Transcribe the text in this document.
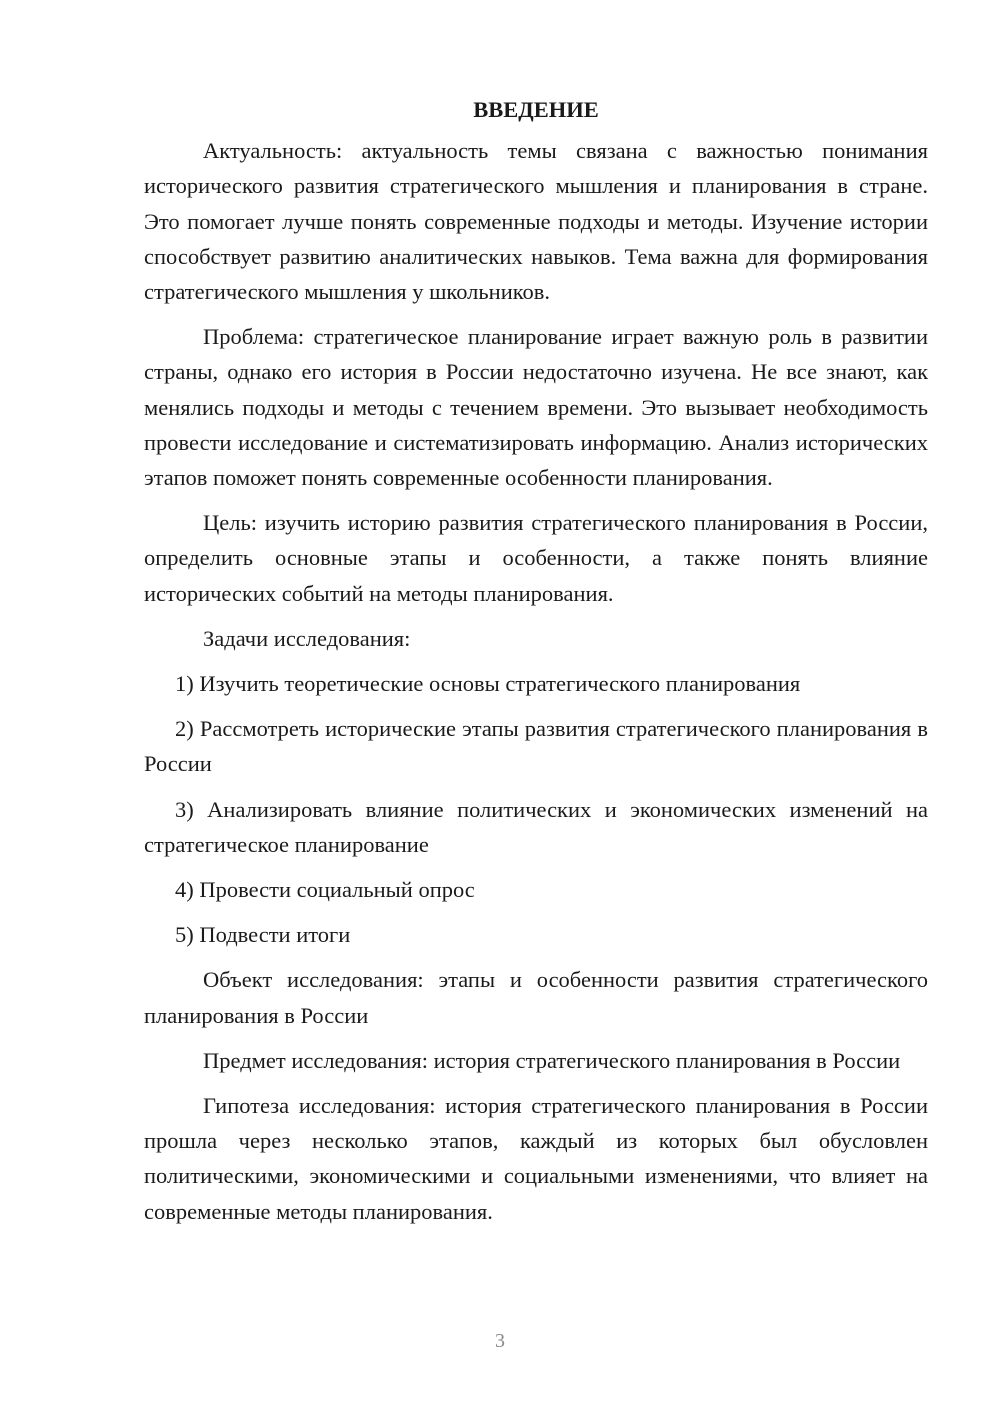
ВВЕДЕНИЕ

Актуальность: актуальность темы связана с важностью понимания исторического развития стратегического мышления и планирования в стране. Это помогает лучше понять современные подходы и методы. Изучение истории способствует развитию аналитических навыков. Тема важна для формирования стратегического мышления у школьников.

Проблема: стратегическое планирование играет важную роль в развитии страны, однако его история в России недостаточно изучена. Не все знают, как менялись подходы и методы с течением времени. Это вызывает необходимость провести исследование и систематизировать информацию. Анализ исторических этапов поможет понять современные особенности планирования.

Цель: изучить историю развития стратегического планирования в России, определить основные этапы и особенности, а также понять влияние исторических событий на методы планирования.

Задачи исследования:

1) Изучить теоретические основы стратегического планирования

2) Рассмотреть исторические этапы развития стратегического планирования в России

3) Анализировать влияние политических и экономических изменений на стратегическое планирование

4) Провести социальный опрос

5) Подвести итоги

Объект исследования: этапы и особенности развития стратегического планирования в России

Предмет исследования: история стратегического планирования в России

Гипотеза исследования: история стратегического планирования в России прошла через несколько этапов, каждый из которых был обусловлен политическими, экономическими и социальными изменениями, что влияет на современные методы планирования.

3
